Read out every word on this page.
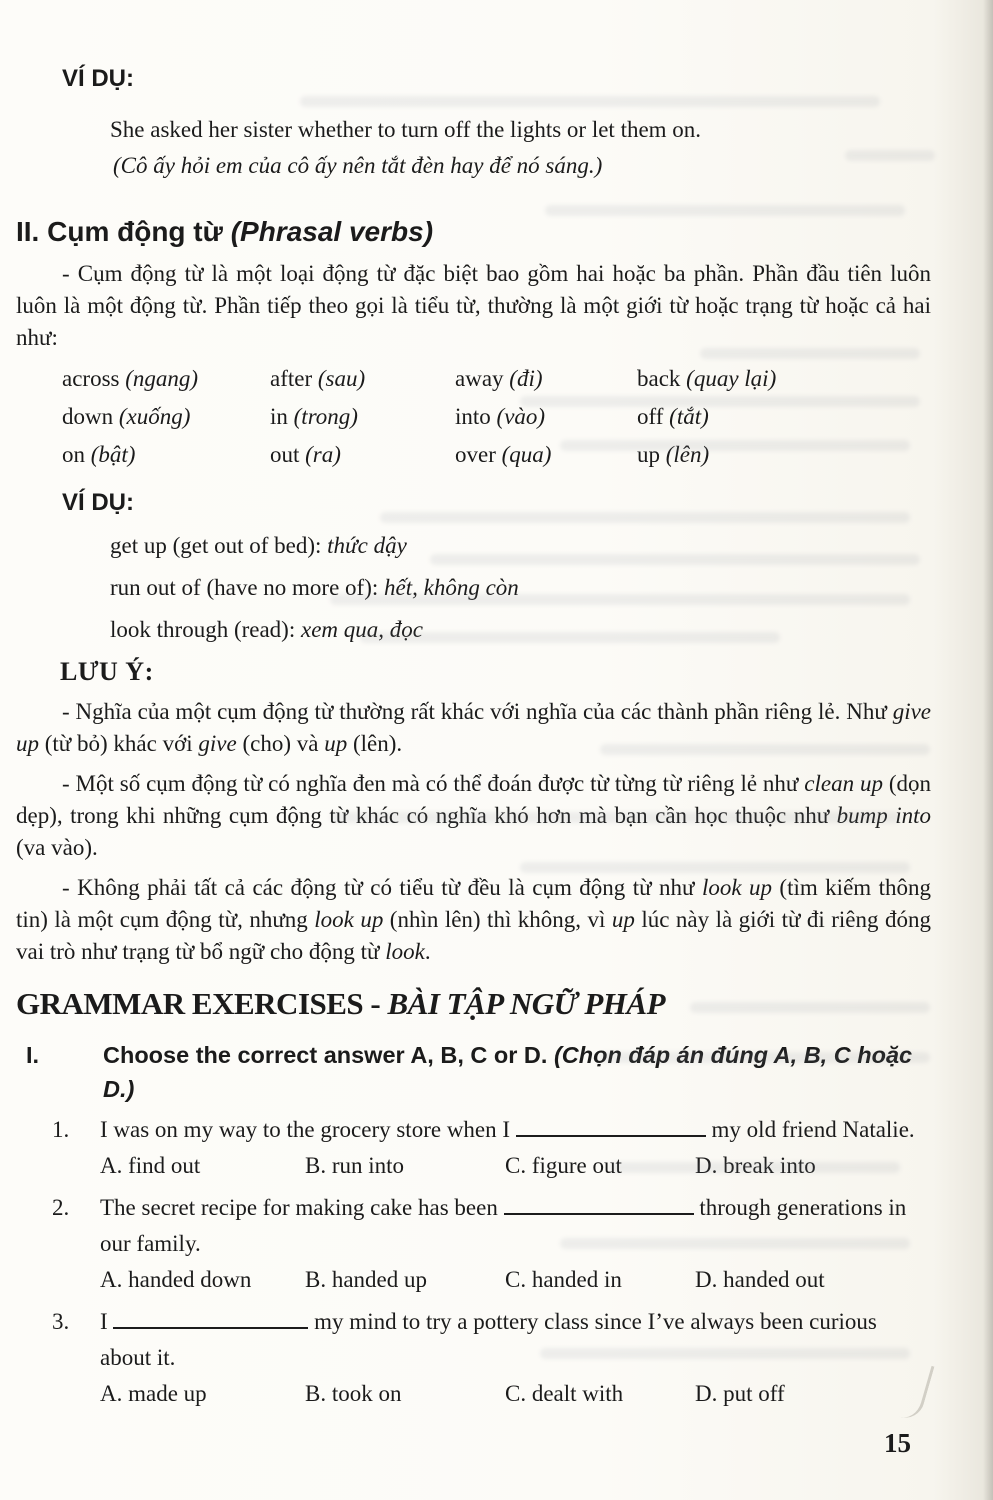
VÍ DỤ:
She asked her sister whether to turn off the lights or let them on.
(Cô ấy hỏi em của cô ấy nên tắt đèn hay để nó sáng.)
II. Cụm động từ (Phrasal verbs)

- Cụm động từ là một loại động từ đặc biệt bao gồm hai hoặc ba phần. Phần đầu tiên luôn luôn là một động từ. Phần tiếp theo gọi là tiểu từ, thường là một giới từ hoặc trạng từ hoặc cả hai như:

across (ngang)	after (sau)	away (đi)	back (quay lại)
down (xuống)	in (trong)	into (vào)	off (tắt)
on (bật)	out (ra)	over (qua)	up (lên)
VÍ DỤ:
get up (get out of bed): thức dậy
run out of (have no more of): hết, không còn
look through (read): xem qua, đọc
LƯU Ý:

- Nghĩa của một cụm động từ thường rất khác với nghĩa của các thành phần riêng lẻ. Như give up (từ bỏ) khác với give (cho) và up (lên).

- Một số cụm động từ có nghĩa đen mà có thể đoán được từ từng từ riêng lẻ như clean up (dọn dẹp), trong khi những cụm động từ khác có nghĩa khó hơn mà bạn cần học thuộc như bump into (va vào).

- Không phải tất cả các động từ có tiểu từ đều là cụm động từ như look up (tìm kiếm thông tin) là một cụm động từ, nhưng look up (nhìn lên) thì không, vì up lúc này là giới từ đi riêng đóng vai trò như trạng từ bổ ngữ cho động từ look.

GRAMMAR EXERCISES - BÀI TẬP NGỮ PHÁP
I.	Choose the correct answer A, B, C or D. (Chọn đáp án đúng A, B, C hoặc D.)
1.	I was on my way to the grocery store when I	my old friend Natalie.
A. find out	B. run into	C. figure out	D. break into
2.	The secret recipe for making cake has been	through generations in our family.
A. handed down	B. handed up	C. handed in	D. handed out
3.	I	my mind to try a pottery class since I’ve always been curious about it.
A. made up	B. took on	C. dealt with	D. put off
15
